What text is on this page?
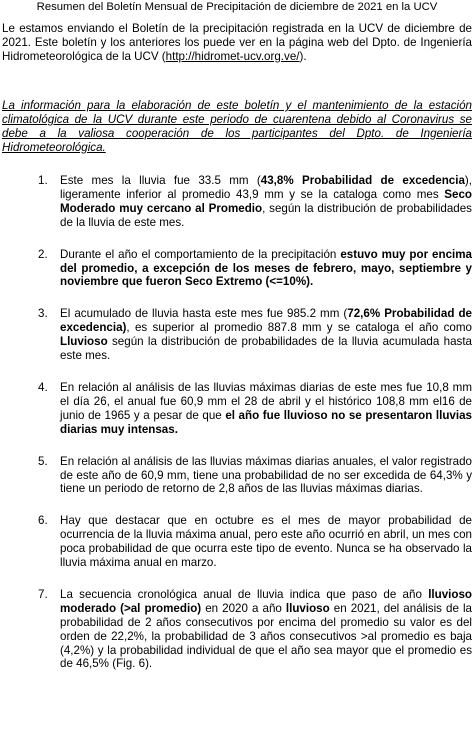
Resumen del Boletín Mensual de Precipitación de diciembre de 2021 en la UCV
Le estamos enviando el Boletín de la precipitación registrada en la UCV de diciembre de 2021. Este boletín y los anteriores los puede ver en la página web del Dpto. de Ingeniería Hidrometeorológica de la UCV (http://hidromet-ucv.org.ve/).
La información para la elaboración de este boletín y el mantenimiento de la estación climatológica de la UCV durante este periodo de cuarentena debido al Coronavirus se debe a la valiosa cooperación de los participantes del Dpto. de Ingeniería Hidrometeorológica.
1. Este mes la lluvia fue 33.5 mm (43,8% Probabilidad de excedencia), ligeramente inferior al promedio 43,9 mm y se la cataloga como mes Seco Moderado muy cercano al Promedio, según la distribución de probabilidades de la lluvia de este mes.
2. Durante el año el comportamiento de la precipitación estuvo muy por encima del promedio, a excepción de los meses de febrero, mayo, septiembre y noviembre que fueron Seco Extremo (<=10%).
3. El acumulado de lluvia hasta este mes fue 985.2 mm (72,6% Probabilidad de excedencia), es superior al promedio 887.8 mm y se cataloga el año como Lluvioso según la distribución de probabilidades de la lluvia acumulada hasta este mes.
4. En relación al análisis de las lluvias máximas diarias de este mes fue 10,8 mm el día 26, el anual fue 60,9 mm el 28 de abril y el histórico 108,8 mm el16 de junio de 1965 y a pesar de que el año fue lluvioso no se presentaron lluvias diarias muy intensas.
5. En relación al análisis de las lluvias máximas diarias anuales, el valor registrado de este año de 60,9 mm, tiene una probabilidad de no ser excedida de 64,3% y tiene un periodo de retorno de 2,8 años de las lluvias máximas diarias.
6. Hay que destacar que en octubre es el mes de mayor probabilidad de ocurrencia de la lluvia máxima anual, pero este año ocurrió en abril, un mes con poca probabilidad de que ocurra este tipo de evento. Nunca se ha observado la lluvia máxima anual en marzo.
7. La secuencia cronológica anual de lluvia indica que paso de año lluvioso moderado (>al promedio) en 2020 a año lluvioso en 2021, del análisis de la probabilidad de 2 años consecutivos por encima del promedio su valor es del orden de 22,2%, la probabilidad de 3 años consecutivos >al promedio es baja (4,2%) y la probabilidad individual de que el año sea mayor que el promedio es de 46,5% (Fig. 6).
